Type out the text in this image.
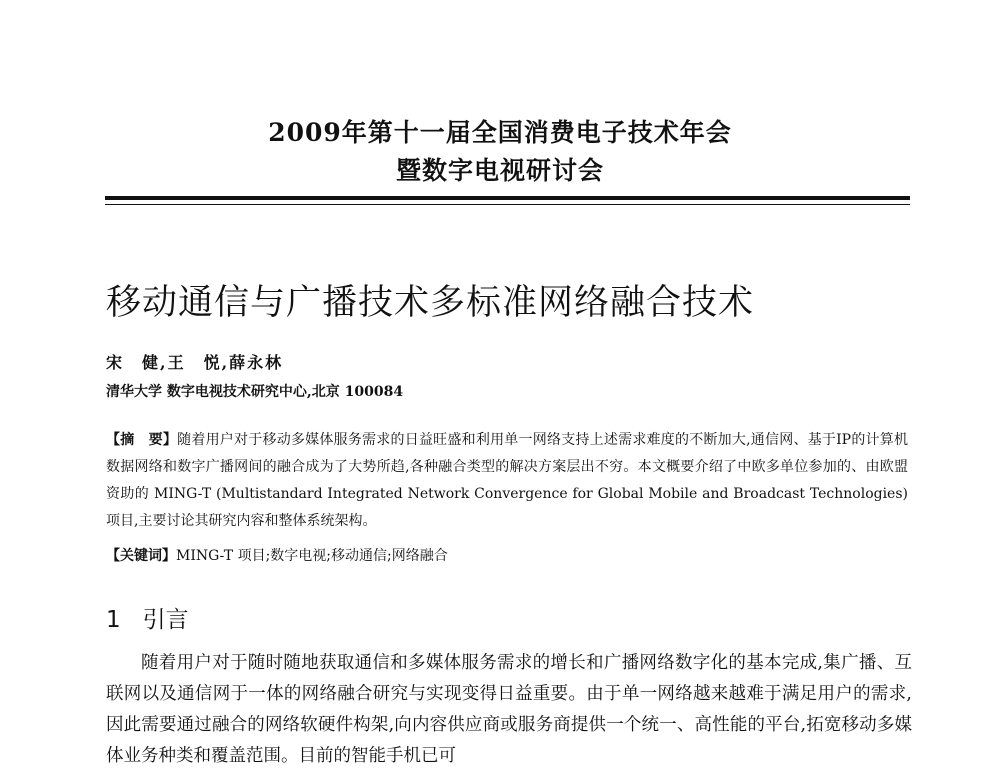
2009年第十一届全国消费电子技术年会
暨数字电视研讨会
移动通信与广播技术多标准网络融合技术
宋　健,王　悦,薛永林
清华大学 数字电视技术研究中心,北京 100084
【摘　要】随着用户对于移动多媒体服务需求的日益旺盛和利用单一网络支持上述需求难度的不断加大,通信网、基于IP的计算机数据网络和数字广播网间的融合成为了大势所趋,各种融合类型的解决方案层出不穷。本文概要介绍了中欧多单位参加的、由欧盟资助的 MING-T (Multistandard Integrated Network Convergence for Global Mobile and Broadcast Technologies)项目,主要讨论其研究内容和整体系统架构。
【关键词】MING-T 项目;数字电视;移动通信;网络融合
1 引言
随着用户对于随时随地获取通信和多媒体服务需求的增长和广播网络数字化的基本完成,集广播、互联网以及通信网于一体的网络融合研究与实现变得日益重要。由于单一网络越来越难于满足用户的需求,因此需要通过融合的网络软硬件构架,向内容供应商或服务商提供一个统一、高性能的平台,拓宽移动多媒体业务种类和覆盖范围。目前的智能手机已可
